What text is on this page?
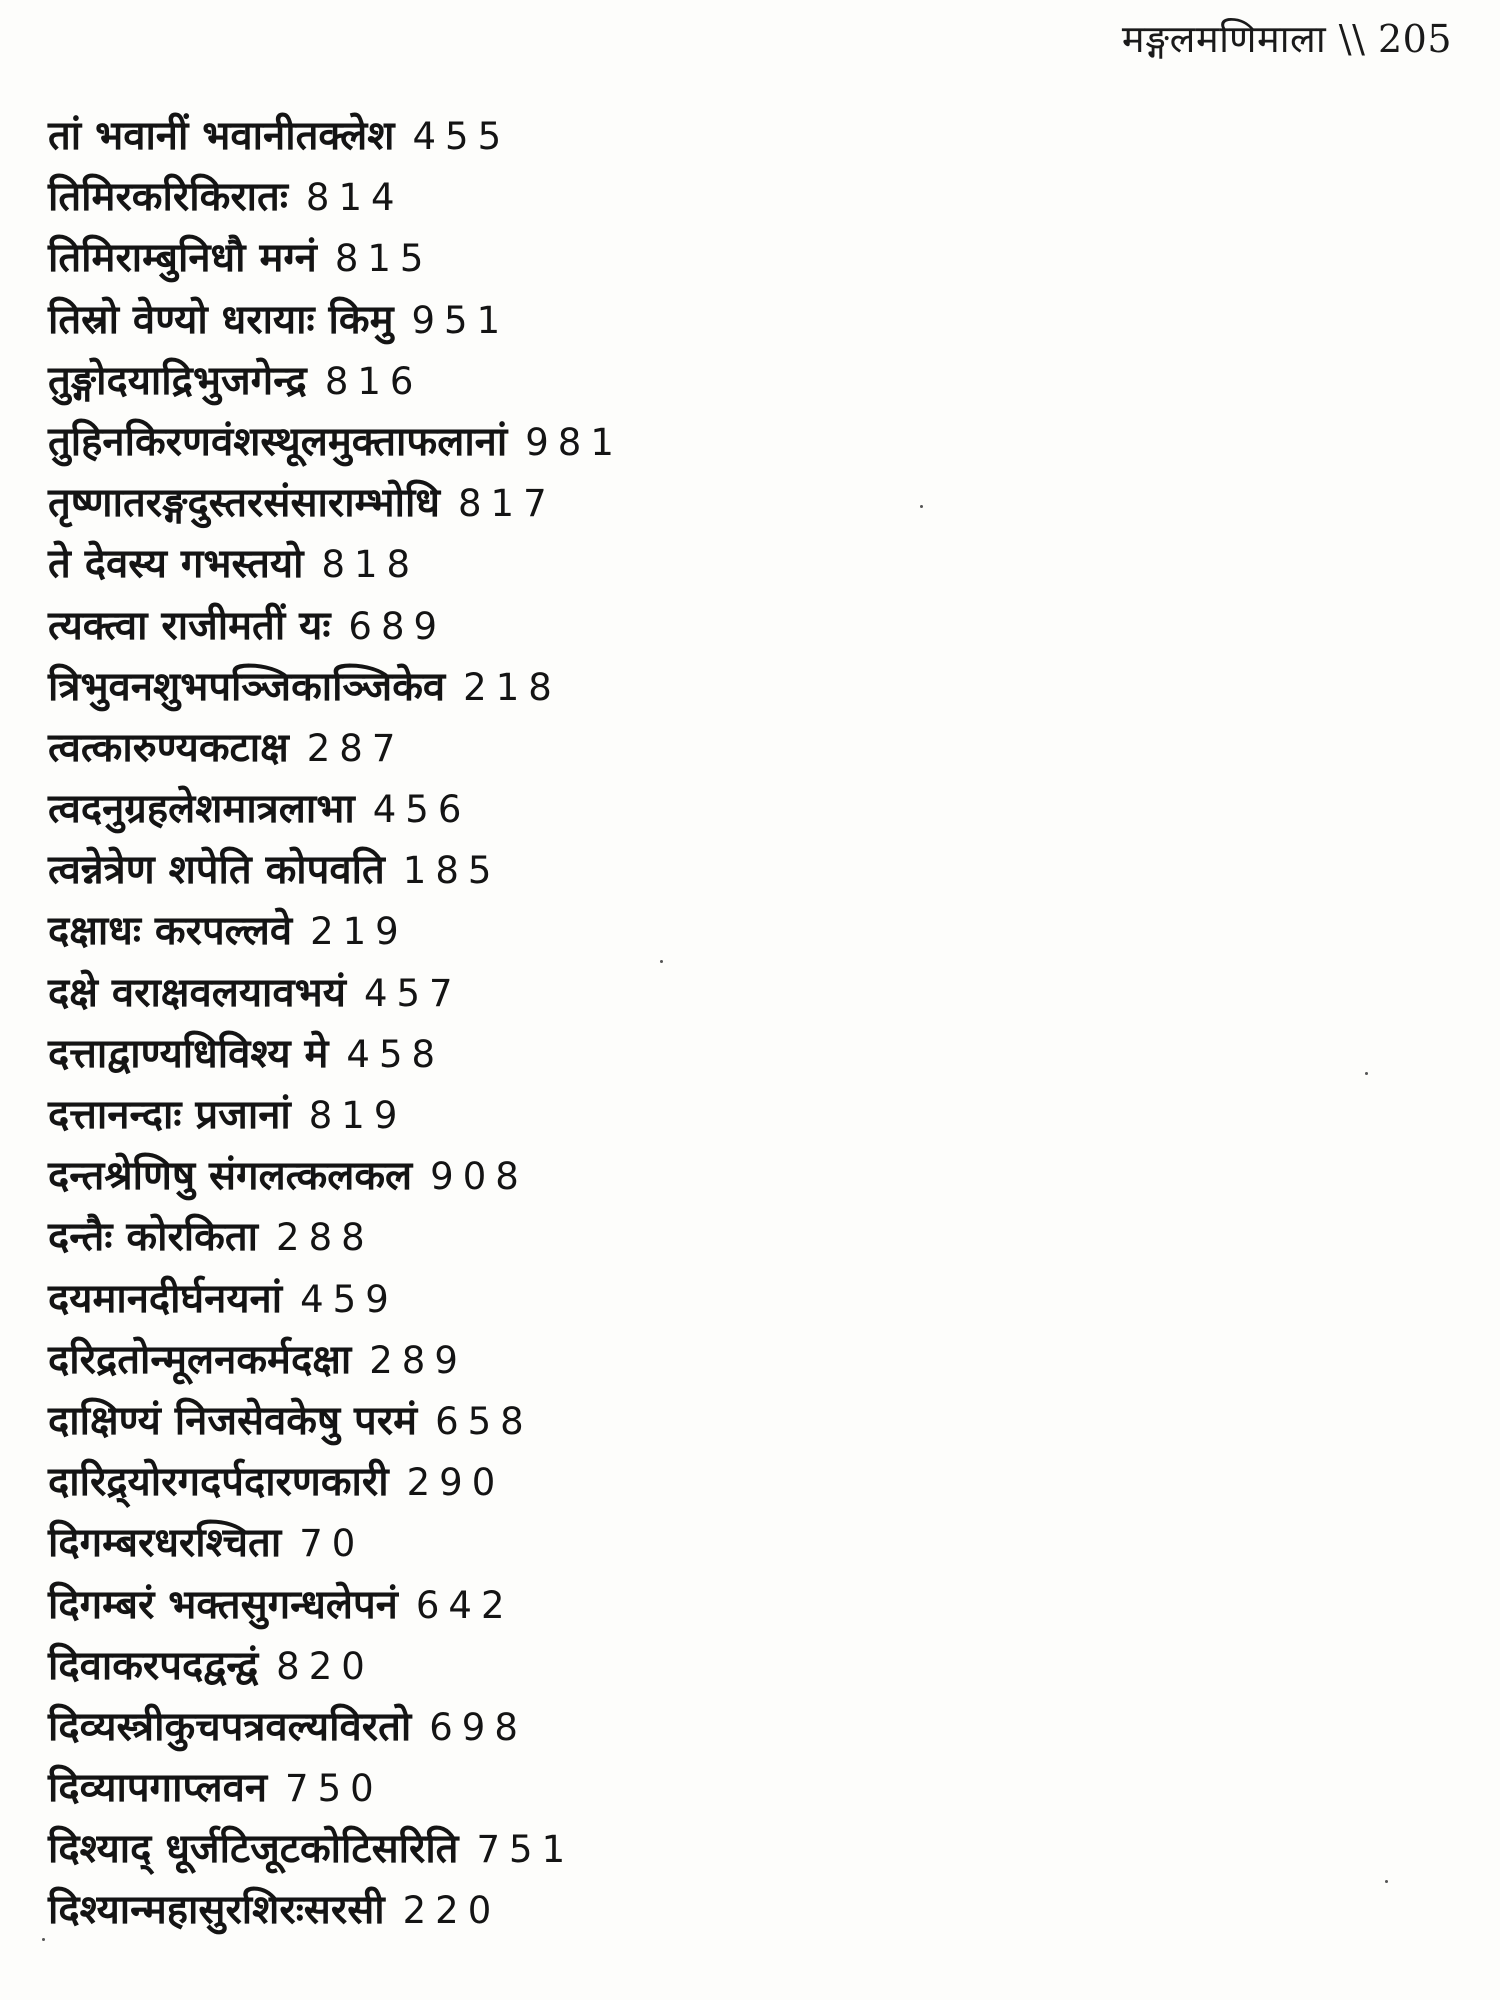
मङ्गलमणिमाला \\ 205
तां भवानीं भवानीतक्लेश 455
तिमिरकरिकिरातः 814
तिमिराम्बुनिधौ मग्नं 815
तिस्रो वेण्यो धरायाः किमु 951
तुङ्गोदयाद्रिभुजगेन्द्र 816
तुहिनकिरणवंशस्थूलमुक्ताफलानां 981
तृष्णातरङ्गदुस्तरसंसाराम्भोधि 817
ते देवस्य गभस्तयो 818
त्यक्त्वा राजीमतीं यः 689
त्रिभुवनशुभपञ्जिकाञ्जिकेव 218
त्वत्कारुण्यकटाक्ष 287
त्वदनुग्रहलेशमात्रलाभा 456
त्वन्नेत्रेण शपेति कोपवति 185
दक्षाधः करपल्लवे 219
दक्षे वराक्षवलयावभयं 457
दत्ताद्वाण्यधिविश्य मे 458
दत्तानन्दाः प्रजानां 819
दन्तश्रेणिषु संगलत्कलकल 908
दन्तैः कोरकिता 288
दयमानदीर्घनयनां 459
दरिद्रतोन्मूलनकर्मदक्षा 289
दाक्षिण्यं निजसेवकेषु परमं 658
दारिद्र्योरगदर्पदारणकारी 290
दिगम्बरधरश्चिता 70
दिगम्बरं भक्तसुगन्धलेपनं 642
दिवाकरपदद्वन्द्वं 820
दिव्यस्त्रीकुचपत्रवल्यविरतो 698
दिव्यापगाप्लवन 750
दिश्याद् धूर्जटिजूटकोटिसरिति 751
दिश्यान्महासुरशिरःसरसी 220
